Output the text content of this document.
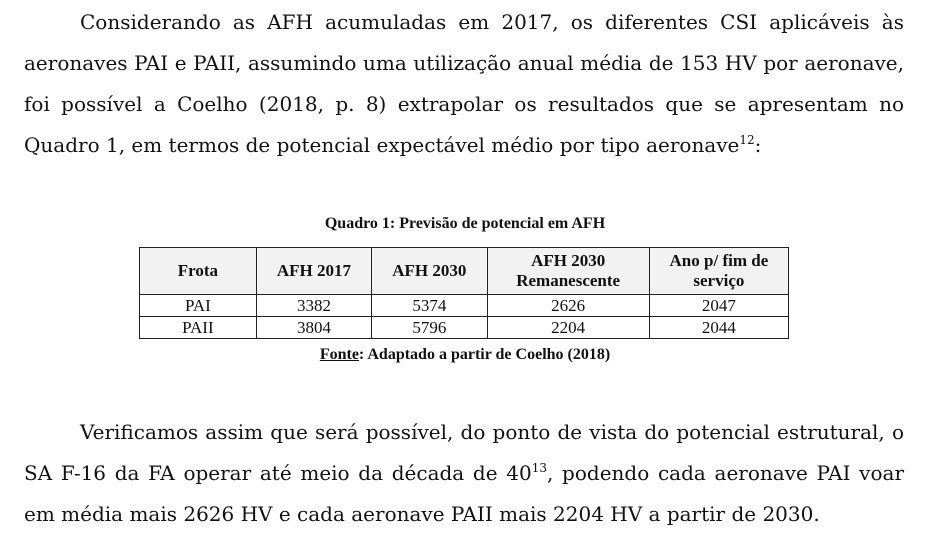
Considerando as AFH acumuladas em 2017, os diferentes CSI aplicáveis às aeronaves PAI e PAII, assumindo uma utilização anual média de 153 HV por aeronave, foi possível a Coelho (2018, p. 8) extrapolar os resultados que se apresentam no Quadro 1, em termos de potencial expectável médio por tipo aeronave$^{12}$:

Quadro 1: Previsão de potencial em AFH
Frota	AFH 2017	AFH 2030	AFH 2030 Remanescente	Ano p/ fim de serviço
PAI	3382	5374	2626	2047
PAII	3804	5796	2204	2044
Fonte: Adaptado a partir de Coelho (2018)

Verificamos assim que será possível, do ponto de vista do potencial estrutural, o SA F-16 da FA operar até meio da década de $40^{13}$, podendo cada aeronave PAI voar em média mais 2626 HV e cada aeronave PAII mais 2204 HV a partir de 2030.
